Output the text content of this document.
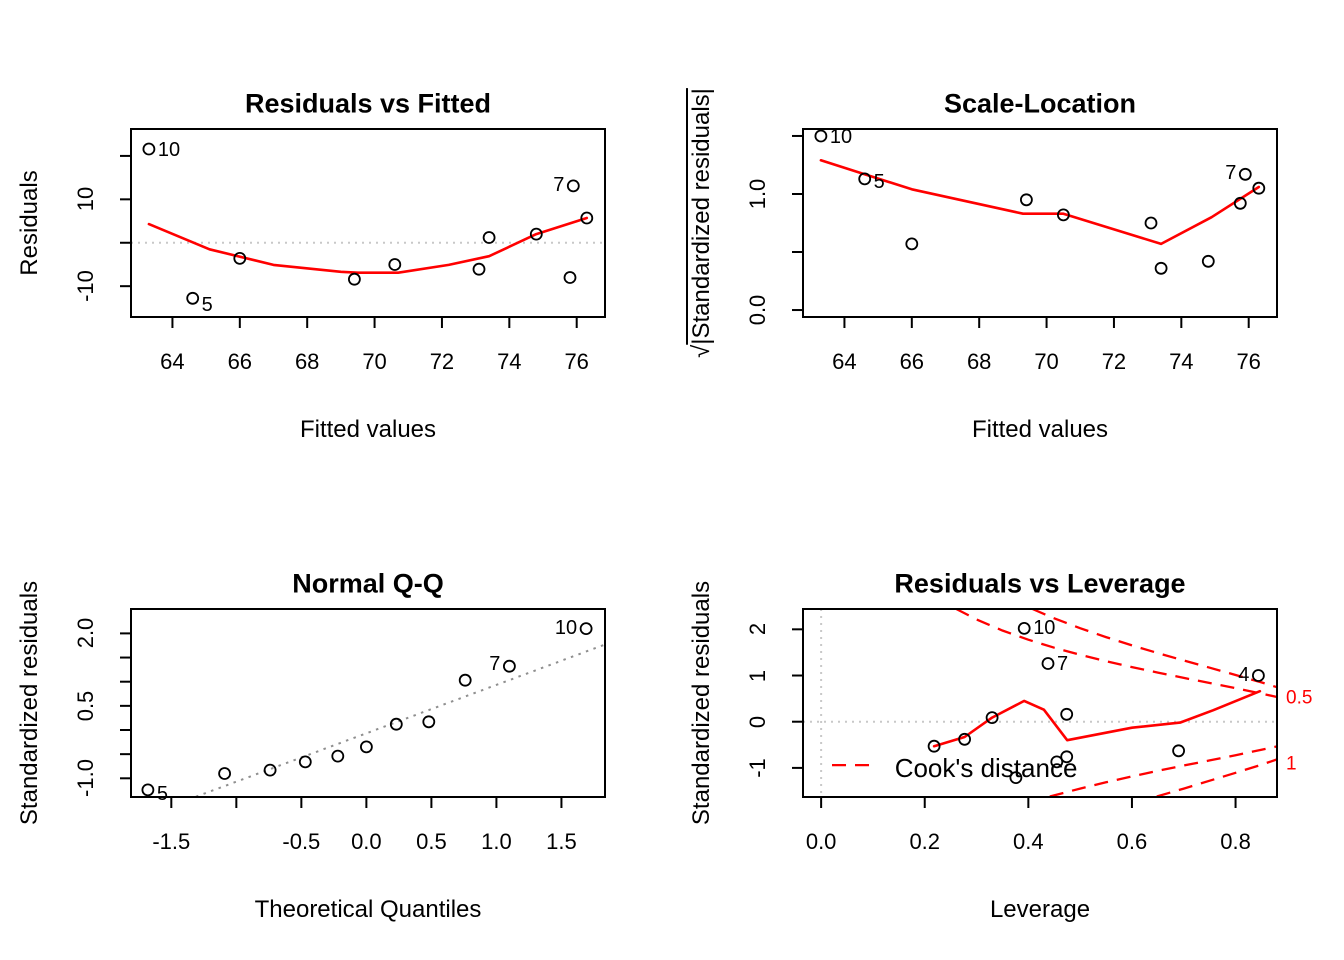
64 66 68 70 72 74 76
-10
10
10
5
7
Residuals vs Fitted
Fitted values
Residuals
64 66 68 70 72 74 76
0.0
1.0
10
5	7
Scale-Location
Fitted values
√|Standardized residuals|
-1.5	-0.5 0.0 0.5 1.0 1.5
-1.0
0.5
2.0
5
7
10
Normal Q-Q
Theoretical Quantiles
Standardized residuals
0.0	0.2	0.4	0.6	0.8
-1
0
1
2	10
7
4
0.5
1
Cook's distance
Residuals vs Leverage
Leverage
Standardized residuals
